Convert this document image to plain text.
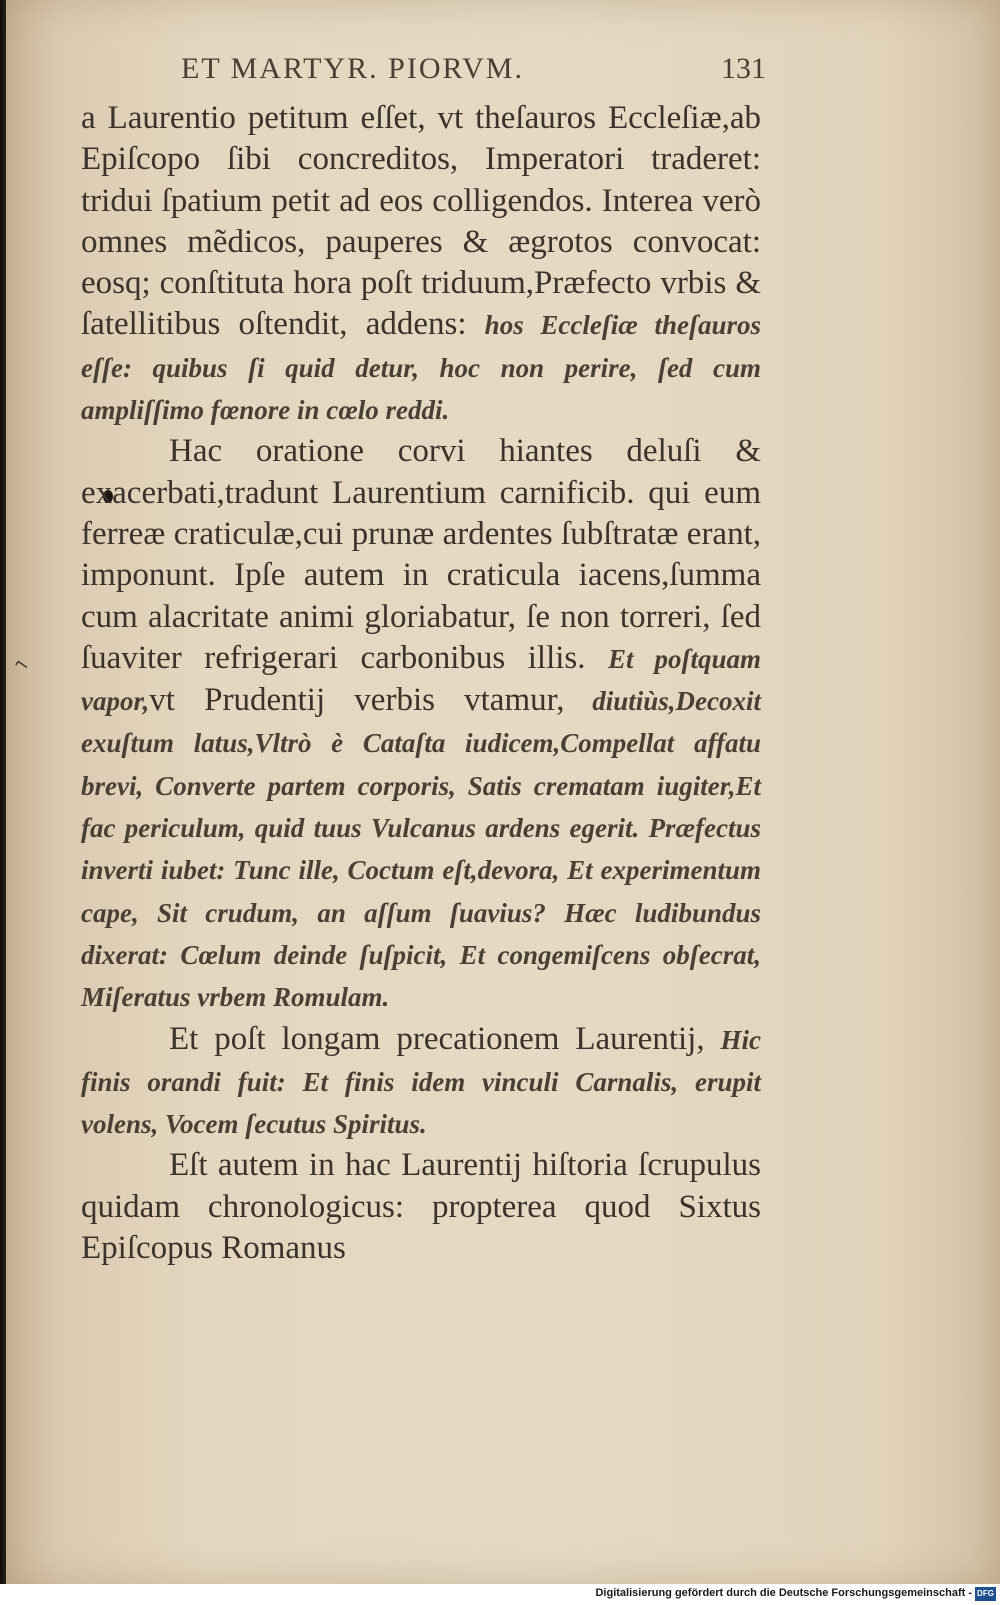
ET MARTYR. PIORVM.	131
⌐

a Laurentio petitum eſſet, vt theſauros Eccleſiæ,ab Epiſcopo ſibi concreditos, Imperatori traderet: tridui ſpatium petit ad eos colligendos. Interea verò omnes mẽdicos, pauperes & ægrotos convocat: eosq; conſtituta hora poſt triduum,Præfecto vrbis & ſatellitibus oſtendit, addens: hos Eccleſiæ theſauros eſſe: quibus ſi quid detur, hoc non perire, ſed cum ampliſſimo fœnore in cœlo reddi.

Hac oratione corvi hiantes deluſi & exacerbati,tradunt Laurentium carnificib. qui eum ferreæ craticulæ,cui prunæ ardentes ſubſtratæ erant, imponunt. Ipſe autem in craticula iacens,ſumma cum alacritate animi gloriabatur, ſe non torreri, ſed ſuaviter refrigerari carbonibus illis. Et poſtquam vapor,vt Prudentij verbis vtamur, diutiùs,Decoxit exuſtum latus,Vltrò è Cataſta iudicem,Compellat affatu brevi, Converte partem corporis, Satis crematam iugiter,Et fac periculum, quid tuus Vulcanus ardens egerit. Præfectus inverti iubet: Tunc ille, Coctum eſt,devora, Et experimentum cape, Sit crudum, an aſſum ſuavius? Hæc ludibundus dixerat: Cœlum deinde ſuſpicit, Et congemiſcens obſecrat, Miſeratus vrbem Romulam.

Et poſt longam precationem Laurentij, Hic finis orandi fuit: Et finis idem vinculi Carnalis, erupit volens, Vocem ſecutus Spiritus.

Eſt autem in hac Laurentij hiſtoria ſcrupulus quidam chronologicus: propterea quod Sixtus Epiſcopus Romanus

Digitalisierung gefördert durch die Deutsche Forschungsgemeinschaft - DFG
